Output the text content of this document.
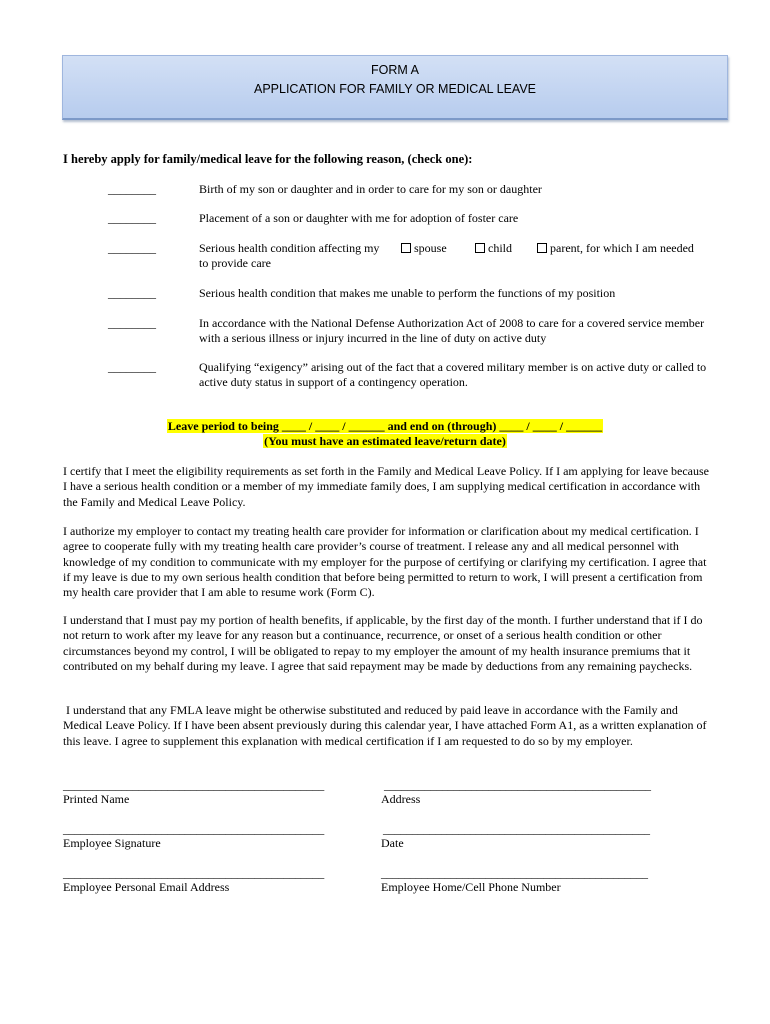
FORM A
APPLICATION FOR FAMILY OR MEDICAL LEAVE
I hereby apply for family/medical leave for the following reason, (check one):
________	Birth of my son or daughter and in order to care for my son or daughter
________	Placement of a son or daughter with me for adoption of foster care
________	Serious health condition affecting my
to provide care
spouse	child	parent, for which I am needed
________	Serious health condition that makes me unable to perform the functions of my position
________	In accordance with the National Defense Authorization Act of 2008 to care for a covered service member with a serious illness or injury incurred in the line of duty on active duty
________	Qualifying “exigency” arising out of the fact that a covered military member is on active duty or called to active duty status in support of a contingency operation.
Leave period to being ____ / ____ / ______ and end on (through) ____ / ____ / ______
(You must have an estimated leave/return date)
I certify that I meet the eligibility requirements as set forth in the Family and Medical Leave Policy. If I am applying for leave because I have a serious health condition or a member of my immediate family does, I am supplying medical certification in accordance with the Family and Medical Leave Policy.
I authorize my employer to contact my treating health care provider for information or clarification about my medical certification. I agree to cooperate fully with my treating health care provider’s course of treatment. I release any and all medical personnel with knowledge of my condition to communicate with my employer for the purpose of certifying or clarifying my certification. I agree that if my leave is due to my own serious health condition that before being permitted to return to work, I will present a certification from my health care provider that I am able to resume work (Form C).
I understand that I must pay my portion of health benefits, if applicable, by the first day of the month. I further understand that if I do not return to work after my leave for any reason but a continuance, recurrence, or onset of a serious health condition or other circumstances beyond my control, I will be obligated to repay to my employer the amount of my health insurance premiums that it contributed on my behalf during my leave. I agree that said repayment may be made by deductions from any remaining paychecks.
I understand that any FMLA leave might be otherwise substituted and reduced by paid leave in accordance with the Family and Medical Leave Policy. If I have been absent previously during this calendar year, I have attached Form A1, as a written explanation of this leave. I agree to supplement this explanation with medical certification if I am requested to do so by my employer.
_____________________________________________	______________________________________________
Printed Name	Address
_____________________________________________	______________________________________________
Employee Signature	Date
_____________________________________________	______________________________________________
Employee Personal Email Address	Employee Home/Cell Phone Number
